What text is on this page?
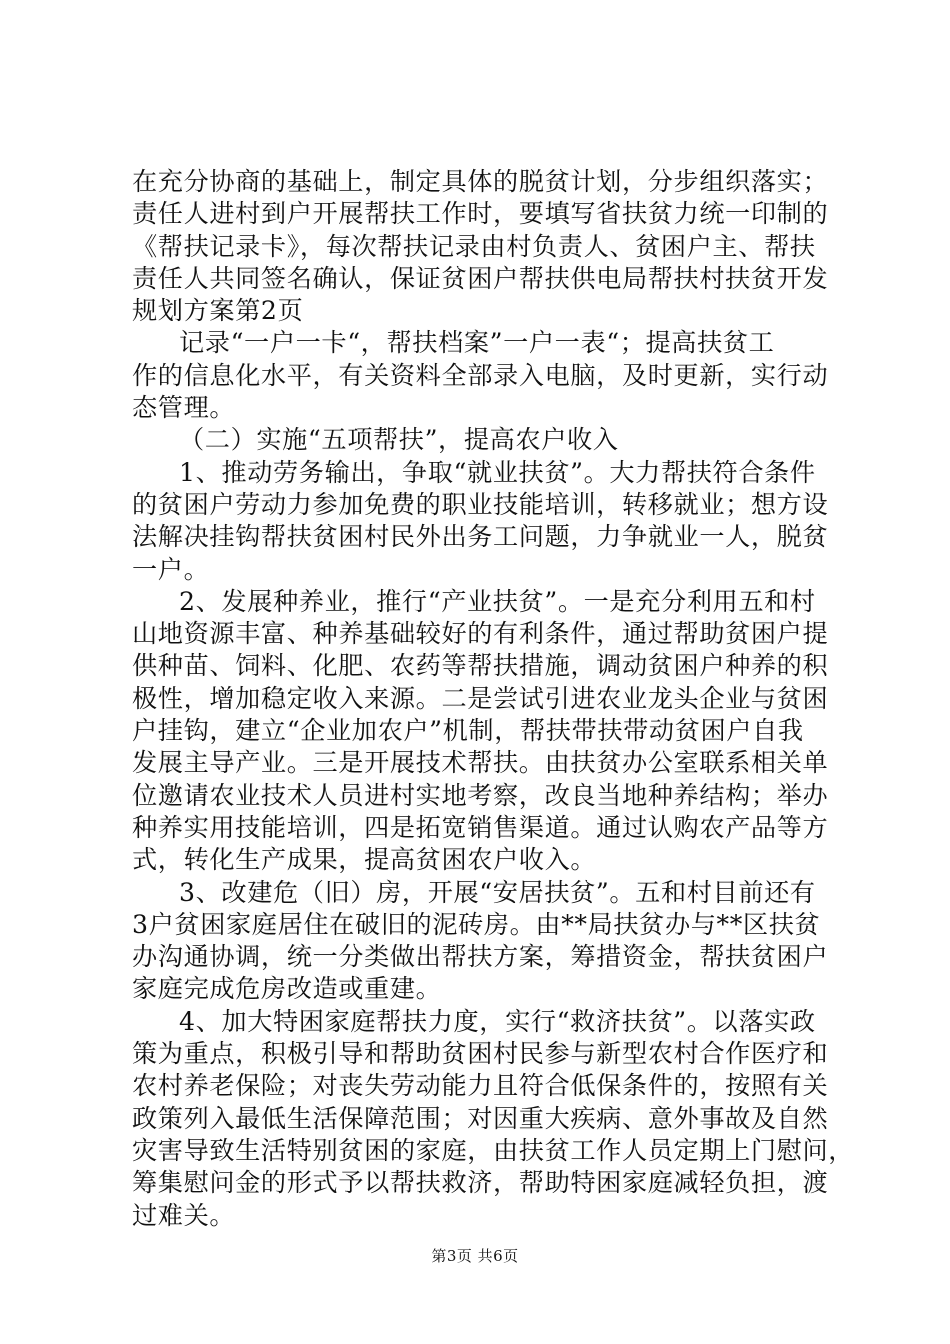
在充分协商的基础上，制定具体的脱贫计划，分步组织落实；
责任人进村到户开展帮扶工作时，要填写省扶贫力统一印制的
《帮扶记录卡》，每次帮扶记录由村负责人、贫困户主、帮扶
责任人共同签名确认，保证贫困户帮扶供电局帮扶村扶贫开发
规划方案第2页
记录“一户一卡“，帮扶档案”一户一表“；提高扶贫工
作的信息化水平，有关资料全部录入电脑，及时更新，实行动
态管理。
（二）实施“五项帮扶”，提高农户收入
1、推动劳务输出，争取“就业扶贫”。大力帮扶符合条件
的贫困户劳动力参加免费的职业技能培训，转移就业；想方设
法解决挂钩帮扶贫困村民外出务工问题，力争就业一人，脱贫
一户。
2、发展种养业，推行“产业扶贫”。一是充分利用五和村
山地资源丰富、种养基础较好的有利条件，通过帮助贫困户提
供种苗、饲料、化肥、农药等帮扶措施，调动贫困户种养的积
极性，增加稳定收入来源。二是尝试引进农业龙头企业与贫困
户挂钩，建立“企业加农户”机制，帮扶带扶带动贫困户自我
发展主导产业。三是开展技术帮扶。由扶贫办公室联系相关单
位邀请农业技术人员进村实地考察，改良当地种养结构；举办
种养实用技能培训，四是拓宽销售渠道。通过认购农产品等方
式，转化生产成果，提高贫困农户收入。
3、改建危（旧）房，开展“安居扶贫”。五和村目前还有
3户贫困家庭居住在破旧的泥砖房。由**局扶贫办与**区扶贫
办沟通协调，统一分类做出帮扶方案，筹措资金，帮扶贫困户
家庭完成危房改造或重建。
4、加大特困家庭帮扶力度，实行“救济扶贫”。以落实政
策为重点，积极引导和帮助贫困村民参与新型农村合作医疗和
农村养老保险；对丧失劳动能力且符合低保条件的，按照有关
政策列入最低生活保障范围；对因重大疾病、意外事故及自然
灾害导致生活特别贫困的家庭，由扶贫工作人员定期上门慰问，
筹集慰问金的形式予以帮扶救济，帮助特困家庭减轻负担，渡
过难关。
第3页 共6页
